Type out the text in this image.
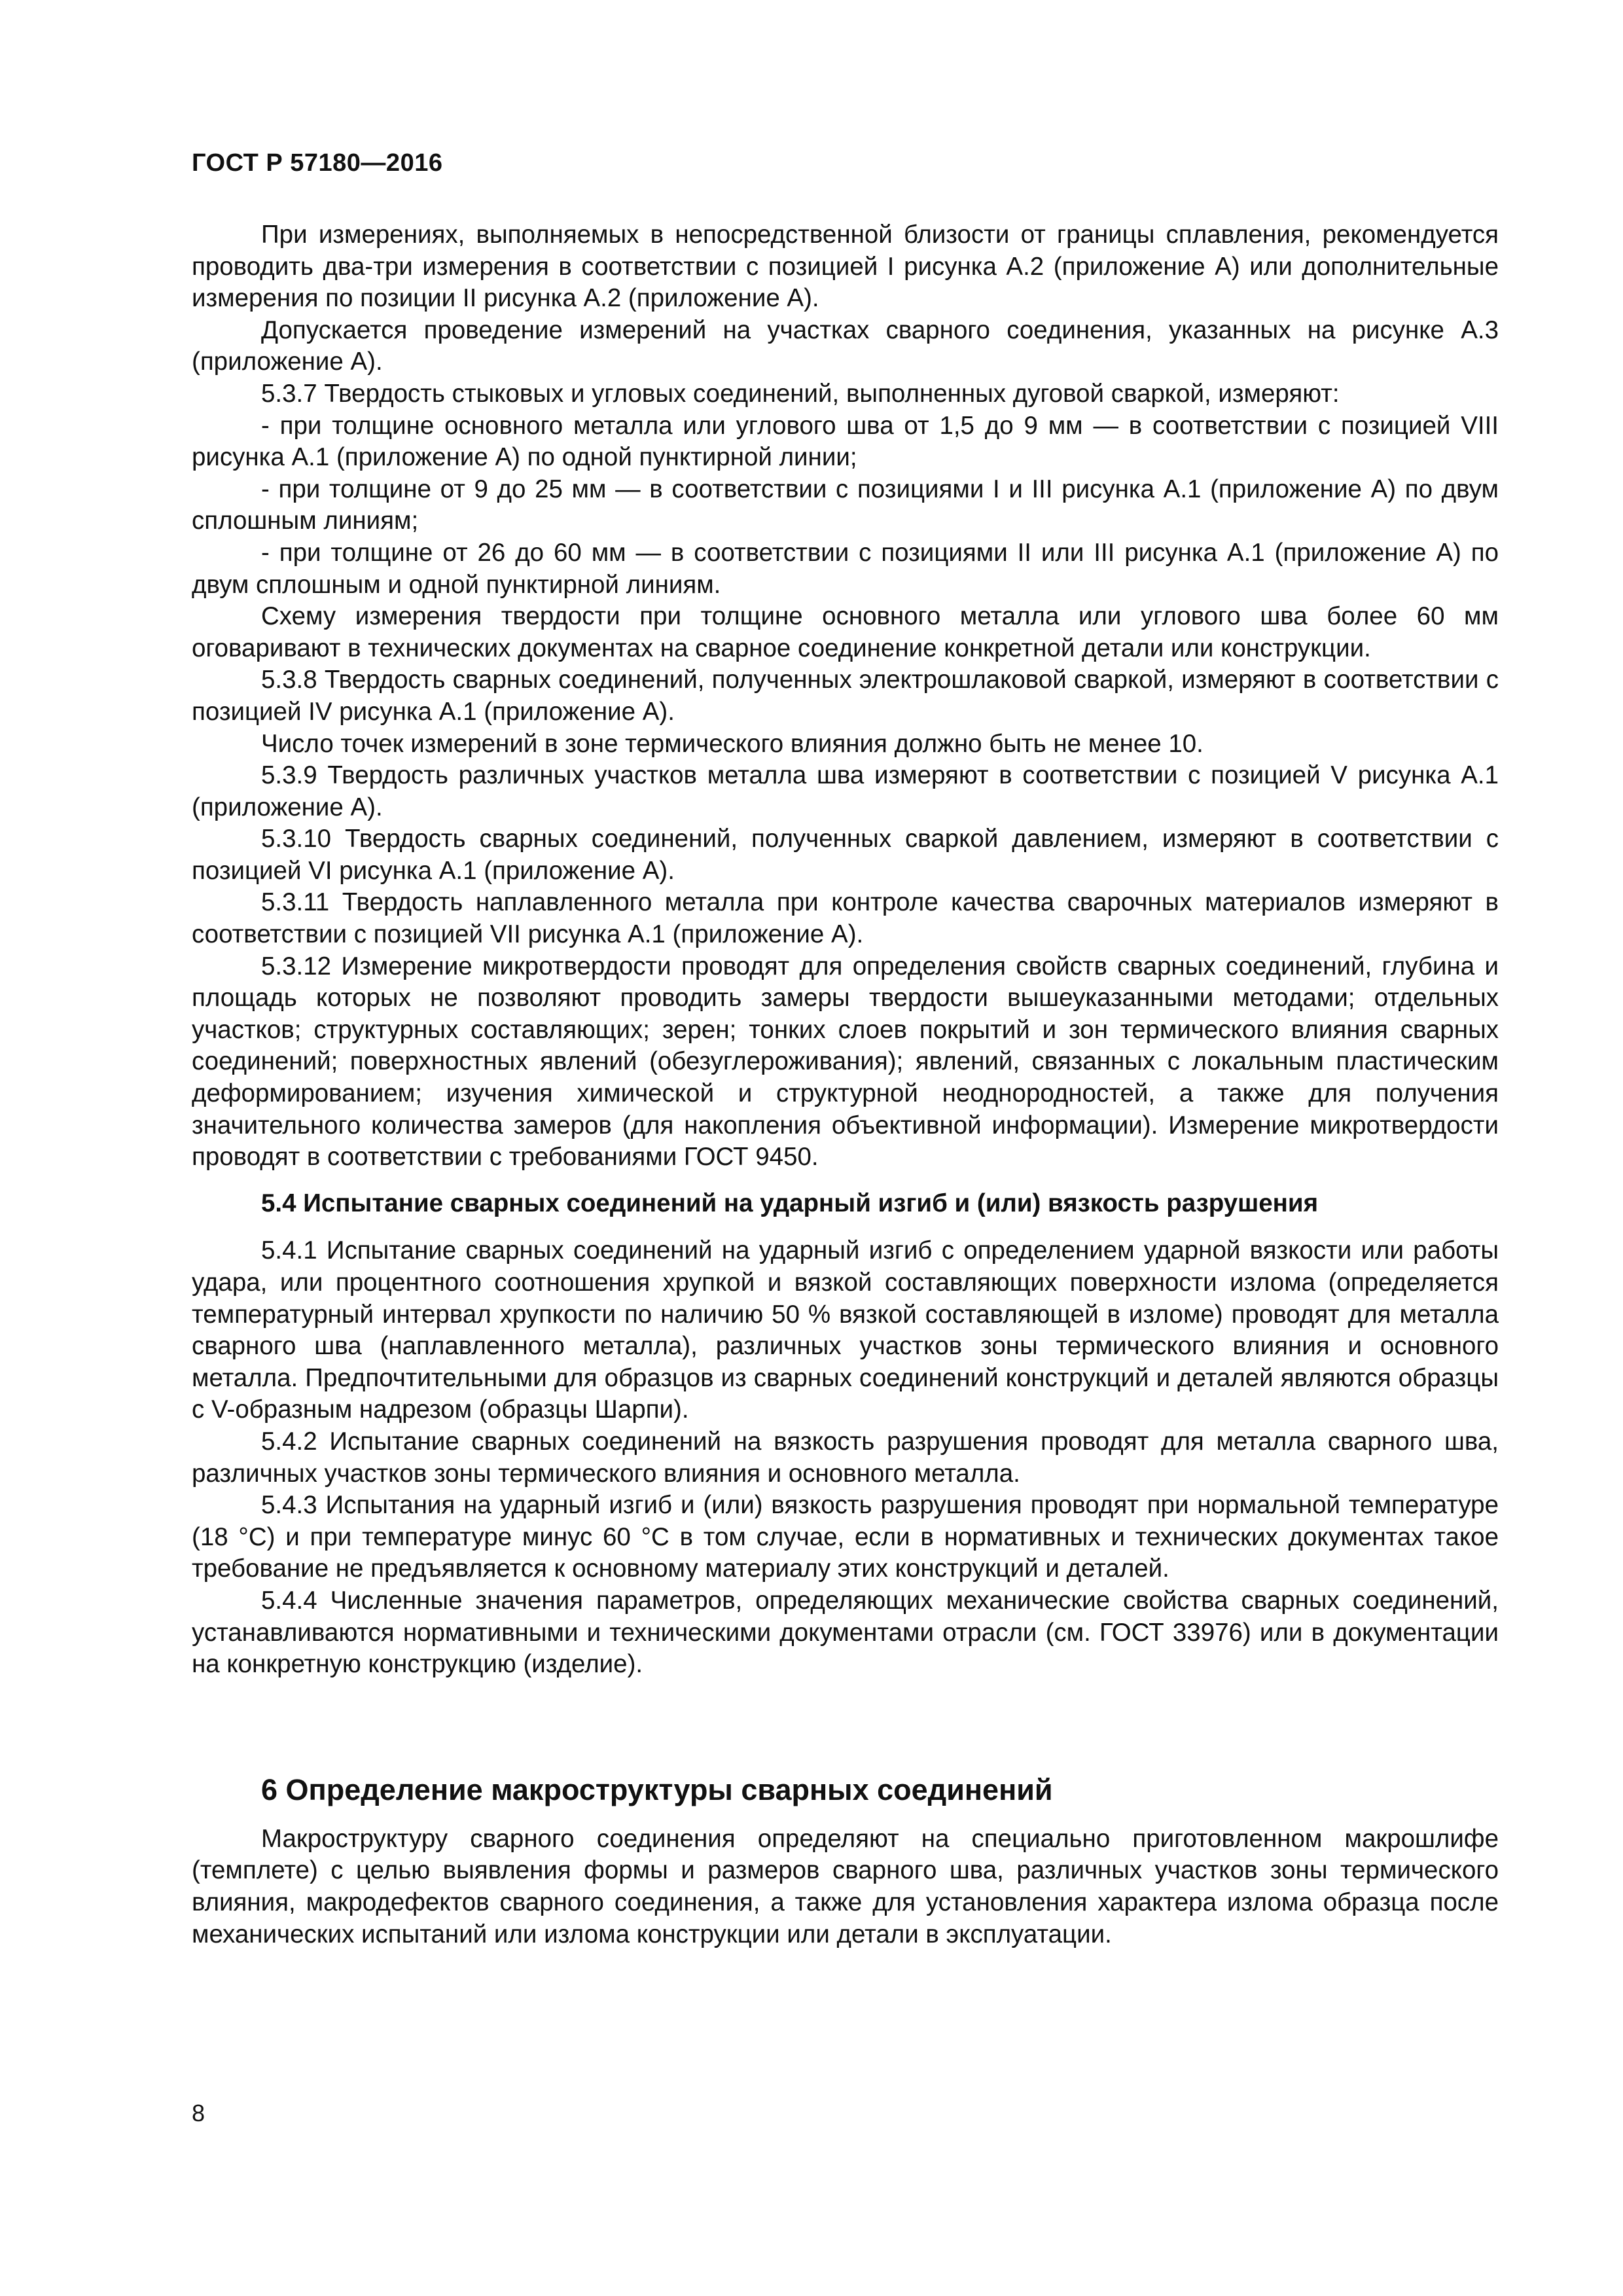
ГОСТ Р 57180—2016

При измерениях, выполняемых в непосредственной близости от границы сплавления, рекомендуется проводить два-три измерения в соответствии с позицией I рисунка А.2 (приложение А) или дополнительные измерения по позиции II рисунка А.2 (приложение А).

Допускается проведение измерений на участках сварного соединения, указанных на рисунке А.3 (приложение А).

5.3.7 Твердость стыковых и угловых соединений, выполненных дуговой сваркой, измеряют:

- при толщине основного металла или углового шва от 1,5 до 9 мм — в соответствии с позицией VIII рисунка А.1 (приложение А) по одной пунктирной линии;

- при толщине от 9 до 25 мм — в соответствии с позициями I и III рисунка А.1 (приложение А) по двум сплошным линиям;

- при толщине от 26 до 60 мм — в соответствии с позициями II или III рисунка А.1 (приложение А) по двум сплошным и одной пунктирной линиям.

Схему измерения твердости при толщине основного металла или углового шва более 60 мм оговаривают в технических документах на сварное соединение конкретной детали или конструкции.

5.3.8 Твердость сварных соединений, полученных электрошлаковой сваркой, измеряют в соответствии с позицией IV рисунка А.1 (приложение А).

Число точек измерений в зоне термического влияния должно быть не менее 10.

5.3.9 Твердость различных участков металла шва измеряют в соответствии с позицией V рисунка А.1 (приложение А).

5.3.10 Твердость сварных соединений, полученных сваркой давлением, измеряют в соответствии с позицией VI рисунка А.1 (приложение А).

5.3.11 Твердость наплавленного металла при контроле качества сварочных материалов измеряют в соответствии с позицией VII рисунка А.1 (приложение А).

5.3.12 Измерение микротвердости проводят для определения свойств сварных соединений, глубина и площадь которых не позволяют проводить замеры твердости вышеуказанными методами; отдельных участков; структурных составляющих; зерен; тонких слоев покрытий и зон термического влияния сварных соединений; поверхностных явлений (обезуглероживания); явлений, связанных с локальным пластическим деформированием; изучения химической и структурной неоднородностей, а также для получения значительного количества замеров (для накопления объективной информации). Измерение микротвердости проводят в соответствии с требованиями ГОСТ 9450.

5.4 Испытание сварных соединений на ударный изгиб и (или) вязкость разрушения

5.4.1 Испытание сварных соединений на ударный изгиб с определением ударной вязкости или работы удара, или процентного соотношения хрупкой и вязкой составляющих поверхности излома (определяется температурный интервал хрупкости по наличию 50 % вязкой составляющей в изломе) проводят для металла сварного шва (наплавленного металла), различных участков зоны термического влияния и основного металла. Предпочтительными для образцов из сварных соединений конструкций и деталей являются образцы с V-образным надрезом (образцы Шарпи).

5.4.2 Испытание сварных соединений на вязкость разрушения проводят для металла сварного шва, различных участков зоны термического влияния и основного металла.

5.4.3 Испытания на ударный изгиб и (или) вязкость разрушения проводят при нормальной температуре (18 °С) и при температуре минус 60 °С в том случае, если в нормативных и технических документах такое требование не предъявляется к основному материалу этих конструкций и деталей.

5.4.4 Численные значения параметров, определяющих механические свойства сварных соединений, устанавливаются нормативными и техническими документами отрасли (см. ГОСТ 33976) или в документации на конкретную конструкцию (изделие).

6 Определение макроструктуры сварных соединений

Макроструктуру сварного соединения определяют на специально приготовленном макрошлифе (темплете) с целью выявления формы и размеров сварного шва, различных участков зоны термического влияния, макродефектов сварного соединения, а также для установления характера излома образца после механических испытаний или излома конструкции или детали в эксплуатации.

8
